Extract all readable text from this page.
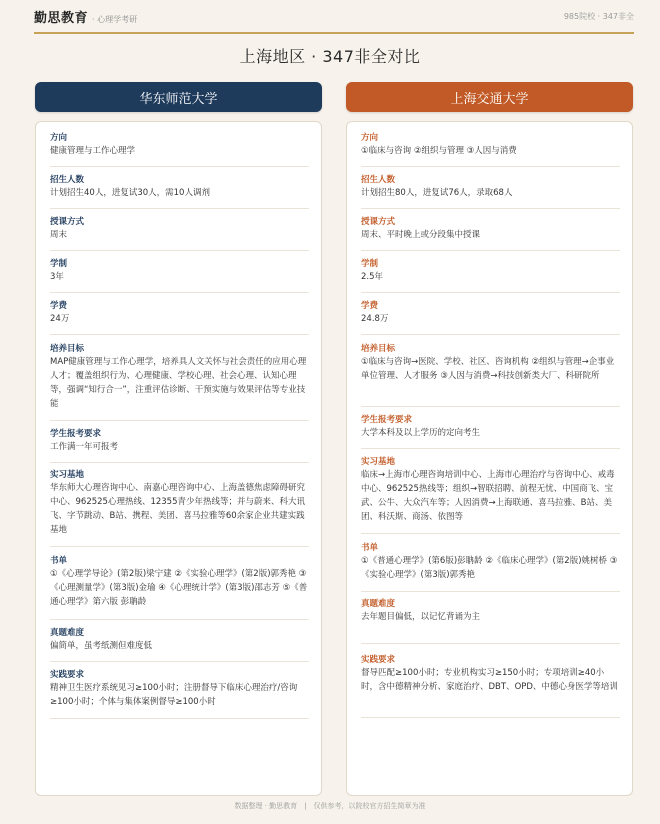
勤思教育 · 心理学考研	985院校 · 347非全
上海地区 · 347非全对比
华东师范大学	上海交通大学
方向
健康管理与工作心理学
招生人数
计划招生40人，进复试30人，需10人调剂
授课方式
周末
学制
3年
学费
24万
培养目标
MAP健康管理与工作心理学，培养具人文关怀与社会责任的应用心理人才；覆盖组织行为、心理健康、学校心理、社会心理、认知心理等，强调“知行合一”，注重评估诊断、干预实施与效果评估等专业技能
学生报考要求
工作满一年可报考
实习基地
华东师大心理咨询中心、南嘉心理咨询中心、上海盖德焦虑障碍研究中心、962525心理热线、12355青少年热线等；并与蔚来、科大讯飞、字节跳动、B站、携程、美团、喜马拉雅等60余家企业共建实践基地
书单
①《心理学导论》(第2版)梁宁建 ②《实验心理学》(第2版)郭秀艳 ③《心理测量学》(第3版)金瑜 ④《心理统计学》(第3版)邵志芳 ⑤《普通心理学》第六版 彭聃龄
真题难度
偏简单，虽考纸测但难度低
实践要求
精神卫生医疗系统见习≥100小时；注册督导下临床心理治疗/咨询≥100小时；个体与集体案例督导≥100小时
方向
①临床与咨询 ②组织与管理 ③人因与消费
招生人数
计划招生80人，进复试76人，录取68人
授课方式
周末、平时晚上或分段集中授课
学制
2.5年
学费
24.8万
培养目标
①临床与咨询→医院、学校、社区、咨询机构 ②组织与管理→企事业单位管理、人才服务 ③人因与消费→科技创新类大厂、科研院所
学生报考要求
大学本科及以上学历的定向考生
实习基地
临床→上海市心理咨询培训中心、上海市心理治疗与咨询中心、戒毒中心、962525热线等；组织→智联招聘、前程无忧、中国商飞、宝武、公牛、大众汽车等；人因消费→上海联通、喜马拉雅、B站、美团、科沃斯、商汤、依图等
书单
①《普通心理学》(第6版)彭聃龄 ②《临床心理学》(第2版)姚树桥 ③《实验心理学》(第3版)郭秀艳
真题难度
去年题目偏低，以记忆背诵为主
实践要求
督导匹配≥100小时；专业机构实习≥150小时；专项培训≥40小时，含中德精神分析、家庭治疗、DBT、OPD、中德心身医学等培训
数据整理 · 勤思教育　|　仅供参考，以院校官方招生简章为准
